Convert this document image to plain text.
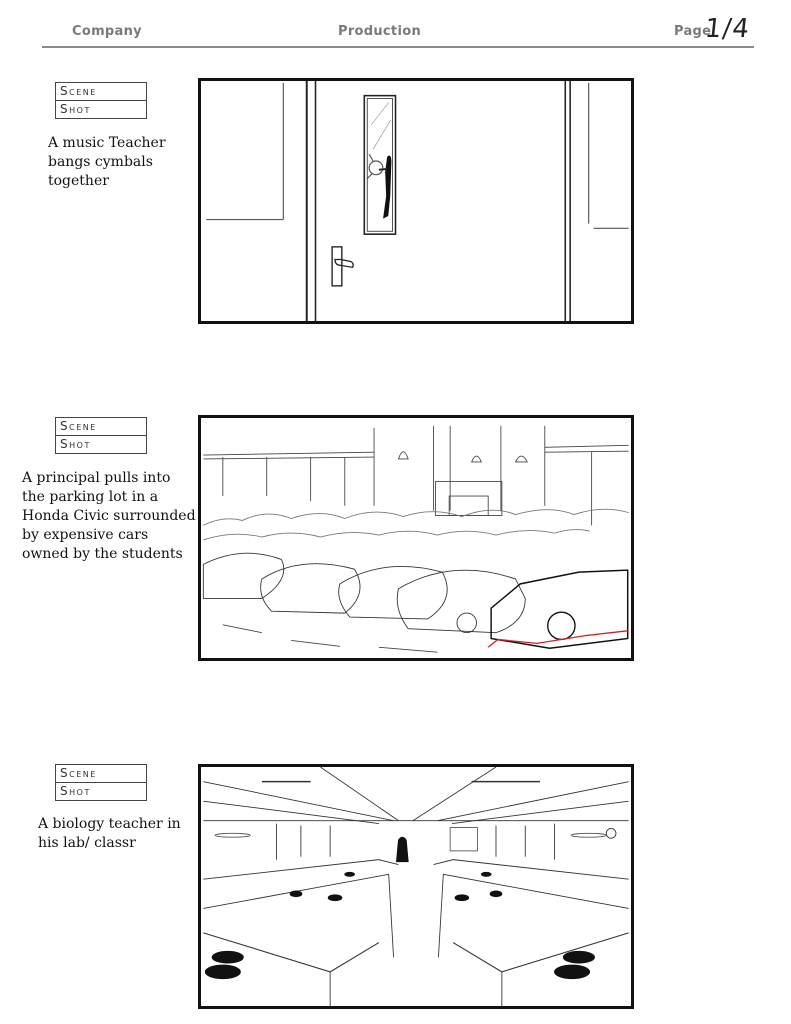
Company	Production	Page
1/4
Scene
Shot
A music Teacher bangs cymbals together
Scene
Shot
A principal pulls into the parking lot in a Honda Civic surrounded by expensive cars owned by the students
Scene
Shot
A biology teacher in his lab/ classr
